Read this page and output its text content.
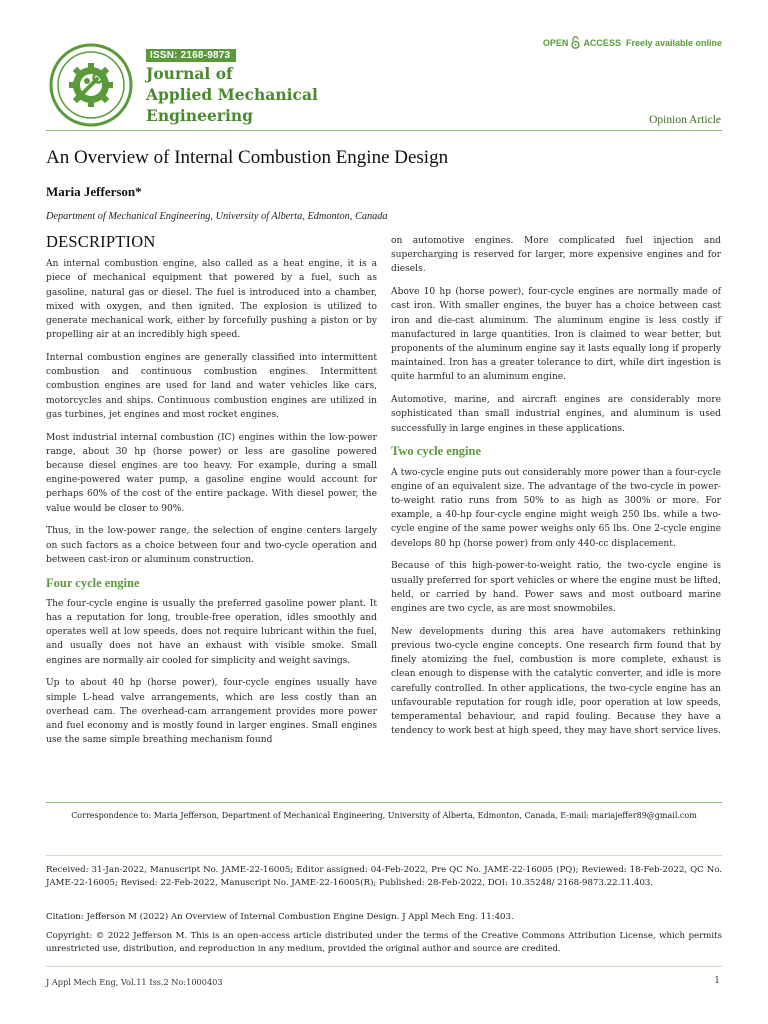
ISSN: 2168-9873
Journal of
Applied Mechanical
Engineering
OPEN ACCESS Freely available online
Opinion Article
An Overview of Internal Combustion Engine Design
Maria Jefferson*
Department of Mechanical Engineering, University of Alberta, Edmonton, Canada
DESCRIPTION

An internal combustion engine, also called as a heat engine, it is a piece of mechanical equipment that powered by a fuel, such as gasoline, natural gas or diesel. The fuel is introduced into a chamber, mixed with oxygen, and then ignited. The explosion is utilized to generate mechanical work, either by forcefully pushing a piston or by propelling air at an incredibly high speed.

Internal combustion engines are generally classified into intermittent combustion and continuous combustion engines. Intermittent combustion engines are used for land and water vehicles like cars, motorcycles and ships. Continuous combustion engines are utilized in gas turbines, jet engines and most rocket engines.

Most industrial internal combustion (IC) engines within the low-power range, about 30 hp (horse power) or less are gasoline powered because diesel engines are too heavy. For example, during a small engine-powered water pump, a gasoline engine would account for perhaps 60% of the cost of the entire package. With diesel power, the value would be closer to 90%.

Thus, in the low-power range, the selection of engine centers largely on such factors as a choice between four and two-cycle operation and between cast-iron or aluminum construction.

Four cycle engine

The four-cycle engine is usually the preferred gasoline power plant. It has a reputation for long, trouble-free operation, idles smoothly and operates well at low speeds, does not require lubricant within the fuel, and usually does not have an exhaust with visible smoke. Small engines are normally air cooled for simplicity and weight savings.

Up to about 40 hp (horse power), four-cycle engines usually have simple L-head valve arrangements, which are less costly than an overhead cam. The overhead-cam arrangement provides more power and fuel economy and is mostly found in larger engines. Small engines use the same simple breathing mechanism found

on automotive engines. More complicated fuel injection and supercharging is reserved for larger, more expensive engines and for diesels.

Above 10 hp (horse power), four-cycle engines are normally made of cast iron. With smaller engines, the buyer has a choice between cast iron and die-cast aluminum. The aluminum engine is less costly if manufactured in large quantities. Iron is claimed to wear better, but proponents of the aluminum engine say it lasts equally long if properly maintained. Iron has a greater tolerance to dirt, while dirt ingestion is quite harmful to an aluminum engine.

Automotive, marine, and aircraft engines are considerably more sophisticated than small industrial engines, and aluminum is used successfully in large engines in these applications.

Two cycle engine

A two-cycle engine puts out considerably more power than a four-cycle engine of an equivalent size. The advantage of the two-cycle in power-to-weight ratio runs from 50% to as high as 300% or more. For example, a 40-hp four-cycle engine might weigh 250 lbs. while a two-cycle engine of the same power weighs only 65 lbs. One 2-cycle engine develops 80 hp (horse power) from only 440-cc displacement.

Because of this high-power-to-weight ratio, the two-cycle engine is usually preferred for sport vehicles or where the engine must be lifted, held, or carried by hand. Power saws and most outboard marine engines are two cycle, as are most snowmobiles.

New developments during this area have automakers rethinking previous two-cycle engine concepts. One research firm found that by finely atomizing the fuel, combustion is more complete, exhaust is clean enough to dispense with the catalytic converter, and idle is more carefully controlled. In other applications, the two-cycle engine has an unfavourable reputation for rough idle, poor operation at low speeds, temperamental behaviour, and rapid fouling. Because they have a tendency to work best at high speed, they may have short service lives.

Correspondence to: Maria Jefferson, Department of Mechanical Engineering, University of Alberta, Edmonton, Canada, E-mail: mariajeffer89@gmail.com
Received: 31-Jan-2022, Manuscript No. JAME-22-16005; Editor assigned: 04-Feb-2022, Pre QC No. JAME-22-16005 (PQ); Reviewed: 18-Feb-2022, QC No. JAME-22-16005; Revised: 22-Feb-2022, Manuscript No. JAME-22-16005(R); Published: 28-Feb-2022, DOI: 10.35248/ 2168-9873.22.11.403.
Citation: Jefferson M (2022) An Overview of Internal Combustion Engine Design. J Appl Mech Eng. 11:403.
Copyright: © 2022 Jefferson M. This is an open-access article distributed under the terms of the Creative Commons Attribution License, which permits unrestricted use, distribution, and reproduction in any medium, provided the original author and source are credited.
J Appl Mech Eng, Vol.11 Iss.2 No:1000403	1
